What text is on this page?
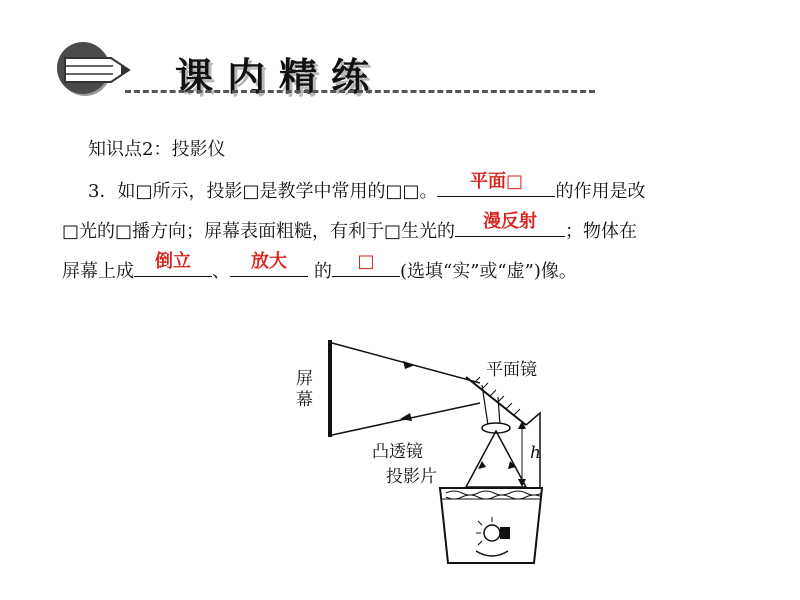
课内精练
知识点2：投影仪
3．如□所示，投影□是教学中常用的□□。	平面□	的作用是改
□光的□播方向；屏幕表面粗糙，有利于□生光的	漫反射	；物体在
屏幕上成	倒立	、	放大	的	□	(选填“实”或“虚”)像。
屏幕
平面镜
凸透镜
投影片
h
